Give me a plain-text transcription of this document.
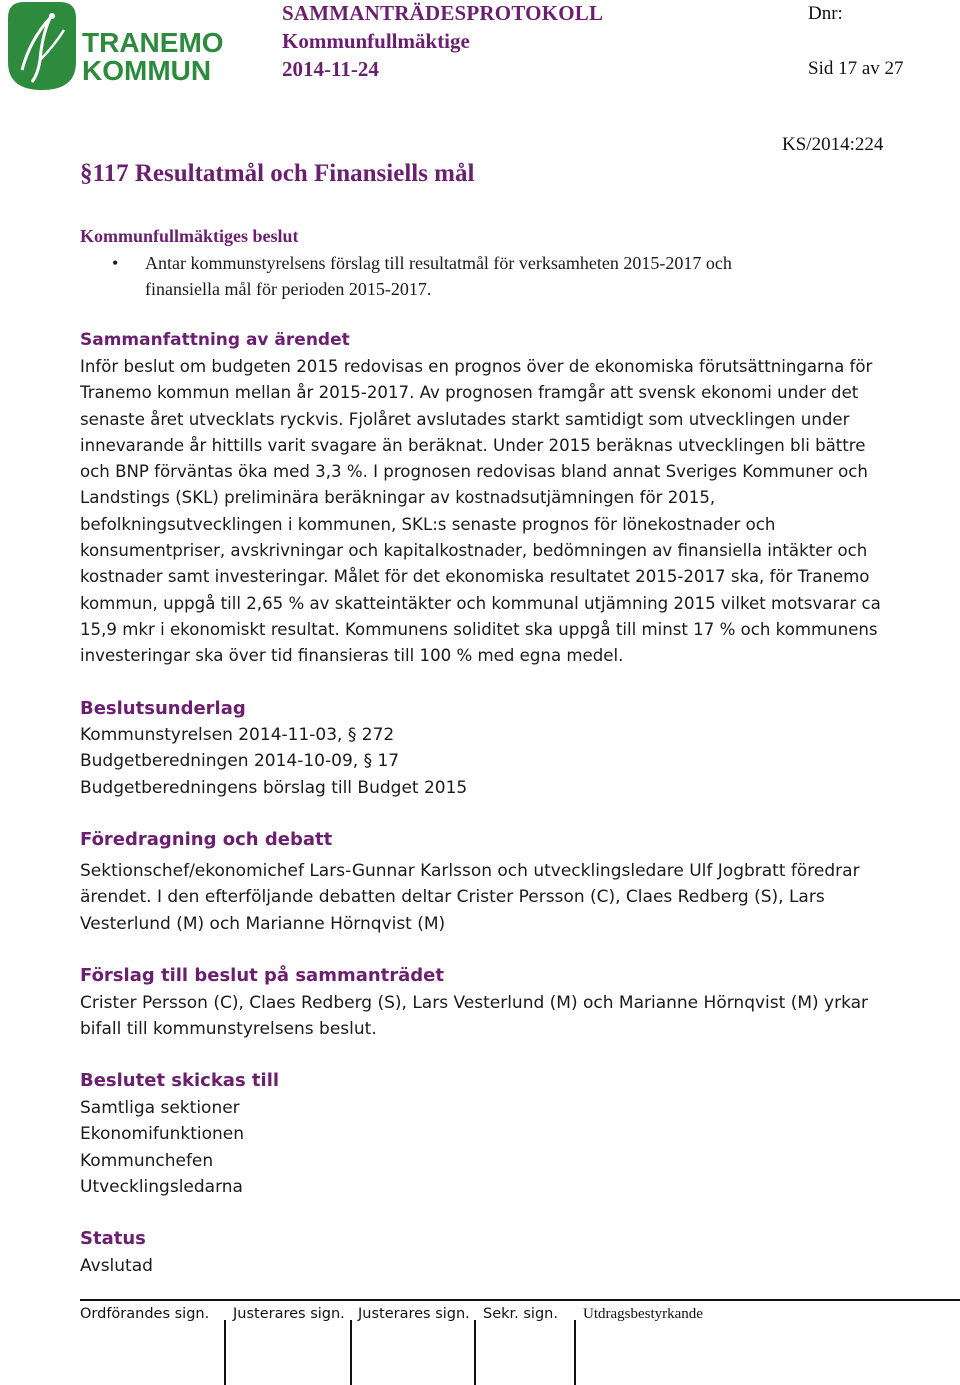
TRANEMO
KOMMUN
SAMMANTRÄDESPROTOKOLL
Kommunfullmäktige
2014-11-24
Dnr:
Sid 17 av 27
KS/2014:224
§117 Resultatmål och Finansiells mål
Kommunfullmäktiges beslut
• Antar kommunstyrelsens förslag till resultatmål för verksamheten 2015-2017 och
finansiella mål för perioden 2015-2017.
Sammanfattning av ärendet
Inför beslut om budgeten 2015 redovisas en prognos över de ekonomiska förutsättningarna för
Tranemo kommun mellan år 2015-2017. Av prognosen framgår att svensk ekonomi under det
senaste året utvecklats ryckvis. Fjolåret avslutades starkt samtidigt som utvecklingen under
innevarande år hittills varit svagare än beräknat. Under 2015 beräknas utvecklingen bli bättre
och BNP förväntas öka med 3,3 %. I prognosen redovisas bland annat Sveriges Kommuner och
Landstings (SKL) preliminära beräkningar av kostnadsutjämningen för 2015,
befolkningsutvecklingen i kommunen, SKL:s senaste prognos för lönekostnader och
konsumentpriser, avskrivningar och kapitalkostnader, bedömningen av finansiella intäkter och
kostnader samt investeringar. Målet för det ekonomiska resultatet 2015-2017 ska, för Tranemo
kommun, uppgå till 2,65 % av skatteintäkter och kommunal utjämning 2015 vilket motsvarar ca
15,9 mkr i ekonomiskt resultat. Kommunens soliditet ska uppgå till minst 17 % och kommunens
investeringar ska över tid finansieras till 100 % med egna medel.
Beslutsunderlag
Kommunstyrelsen 2014-11-03, § 272
Budgetberedningen 2014-10-09, § 17
Budgetberedningens börslag till Budget 2015
Föredragning och debatt
Sektionschef/ekonomichef Lars-Gunnar Karlsson och utvecklingsledare Ulf Jogbratt föredrar
ärendet. I den efterföljande debatten deltar Crister Persson (C), Claes Redberg (S), Lars
Vesterlund (M) och Marianne Hörnqvist (M)
Förslag till beslut på sammanträdet
Crister Persson (C), Claes Redberg (S), Lars Vesterlund (M) och Marianne Hörnqvist (M) yrkar
bifall till kommunstyrelsens beslut.
Beslutet skickas till
Samtliga sektioner
Ekonomifunktionen
Kommunchefen
Utvecklingsledarna
Status
Avslutad
Ordförandes sign. Justerares sign. Justerares sign. Sekr. sign. Utdragsbestyrkande
